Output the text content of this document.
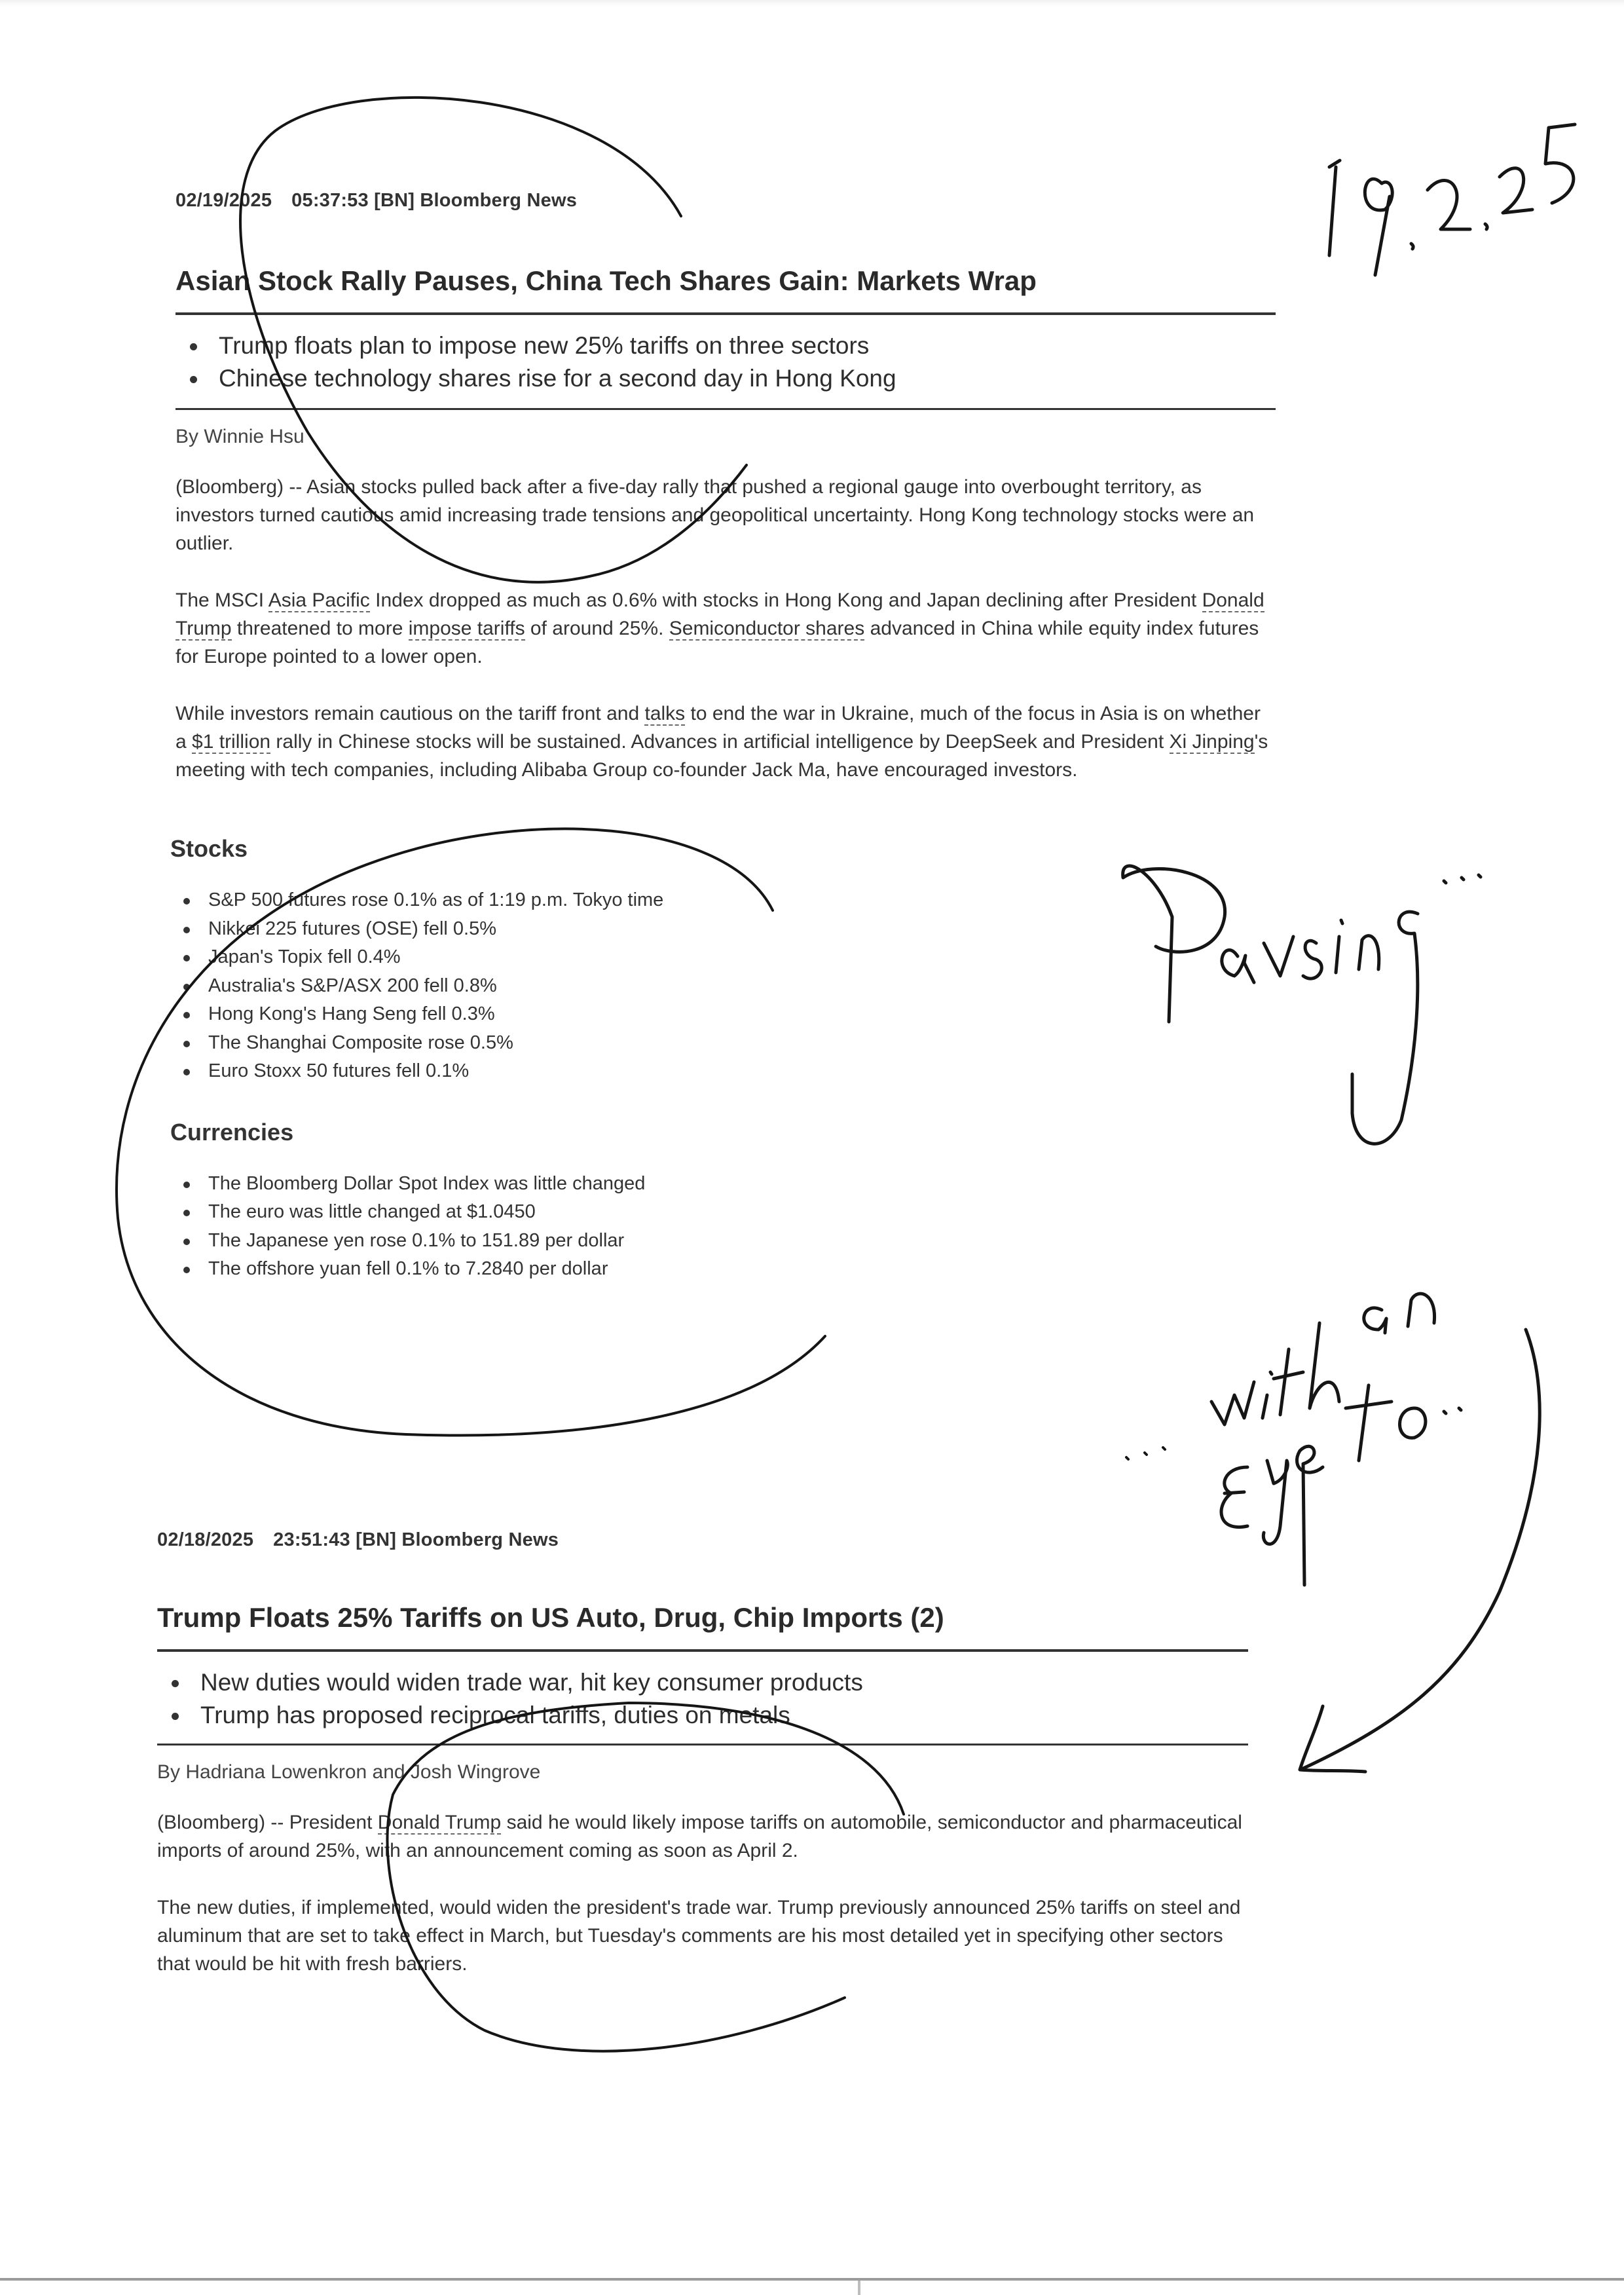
02/19/2025 05:37:53 [BN] Bloomberg News
Asian Stock Rally Pauses, China Tech Shares Gain: Markets Wrap
Trump floats plan to impose new 25% tariffs on three sectors
Chinese technology shares rise for a second day in Hong Kong
By Winnie Hsu
(Bloomberg) -- Asian stocks pulled back after a five-day rally that pushed a regional gauge into overbought territory, as investors turned cautious amid increasing trade tensions and geopolitical uncertainty. Hong Kong technology stocks were an outlier.
The MSCI Asia Pacific Index dropped as much as 0.6% with stocks in Hong Kong and Japan declining after President Donald Trump threatened to more impose tariffs of around 25%. Semiconductor shares advanced in China while equity index futures for Europe pointed to a lower open.
While investors remain cautious on the tariff front and talks to end the war in Ukraine, much of the focus in Asia is on whether a $1 trillion rally in Chinese stocks will be sustained. Advances in artificial intelligence by DeepSeek and President Xi Jinping's meeting with tech companies, including Alibaba Group co-founder Jack Ma, have encouraged investors.
Stocks
S&P 500 futures rose 0.1% as of 1:19 p.m. Tokyo time
Nikkei 225 futures (OSE) fell 0.5%
Japan's Topix fell 0.4%
Australia's S&P/ASX 200 fell 0.8%
Hong Kong's Hang Seng fell 0.3%
The Shanghai Composite rose 0.5%
Euro Stoxx 50 futures fell 0.1%
Currencies
The Bloomberg Dollar Spot Index was little changed
The euro was little changed at $1.0450
The Japanese yen rose 0.1% to 151.89 per dollar
The offshore yuan fell 0.1% to 7.2840 per dollar
02/18/2025 23:51:43 [BN] Bloomberg News
Trump Floats 25% Tariffs on US Auto, Drug, Chip Imports (2)
New duties would widen trade war, hit key consumer products
Trump has proposed reciprocal tariffs, duties on metals
By Hadriana Lowenkron and Josh Wingrove
(Bloomberg) -- President Donald Trump said he would likely impose tariffs on automobile, semiconductor and pharmaceutical imports of around 25%, with an announcement coming as soon as April 2.
The new duties, if implemented, would widen the president's trade war. Trump previously announced 25% tariffs on steel and aluminum that are set to take effect in March, but Tuesday's comments are his most detailed yet in specifying other sectors that would be hit with fresh barriers.
